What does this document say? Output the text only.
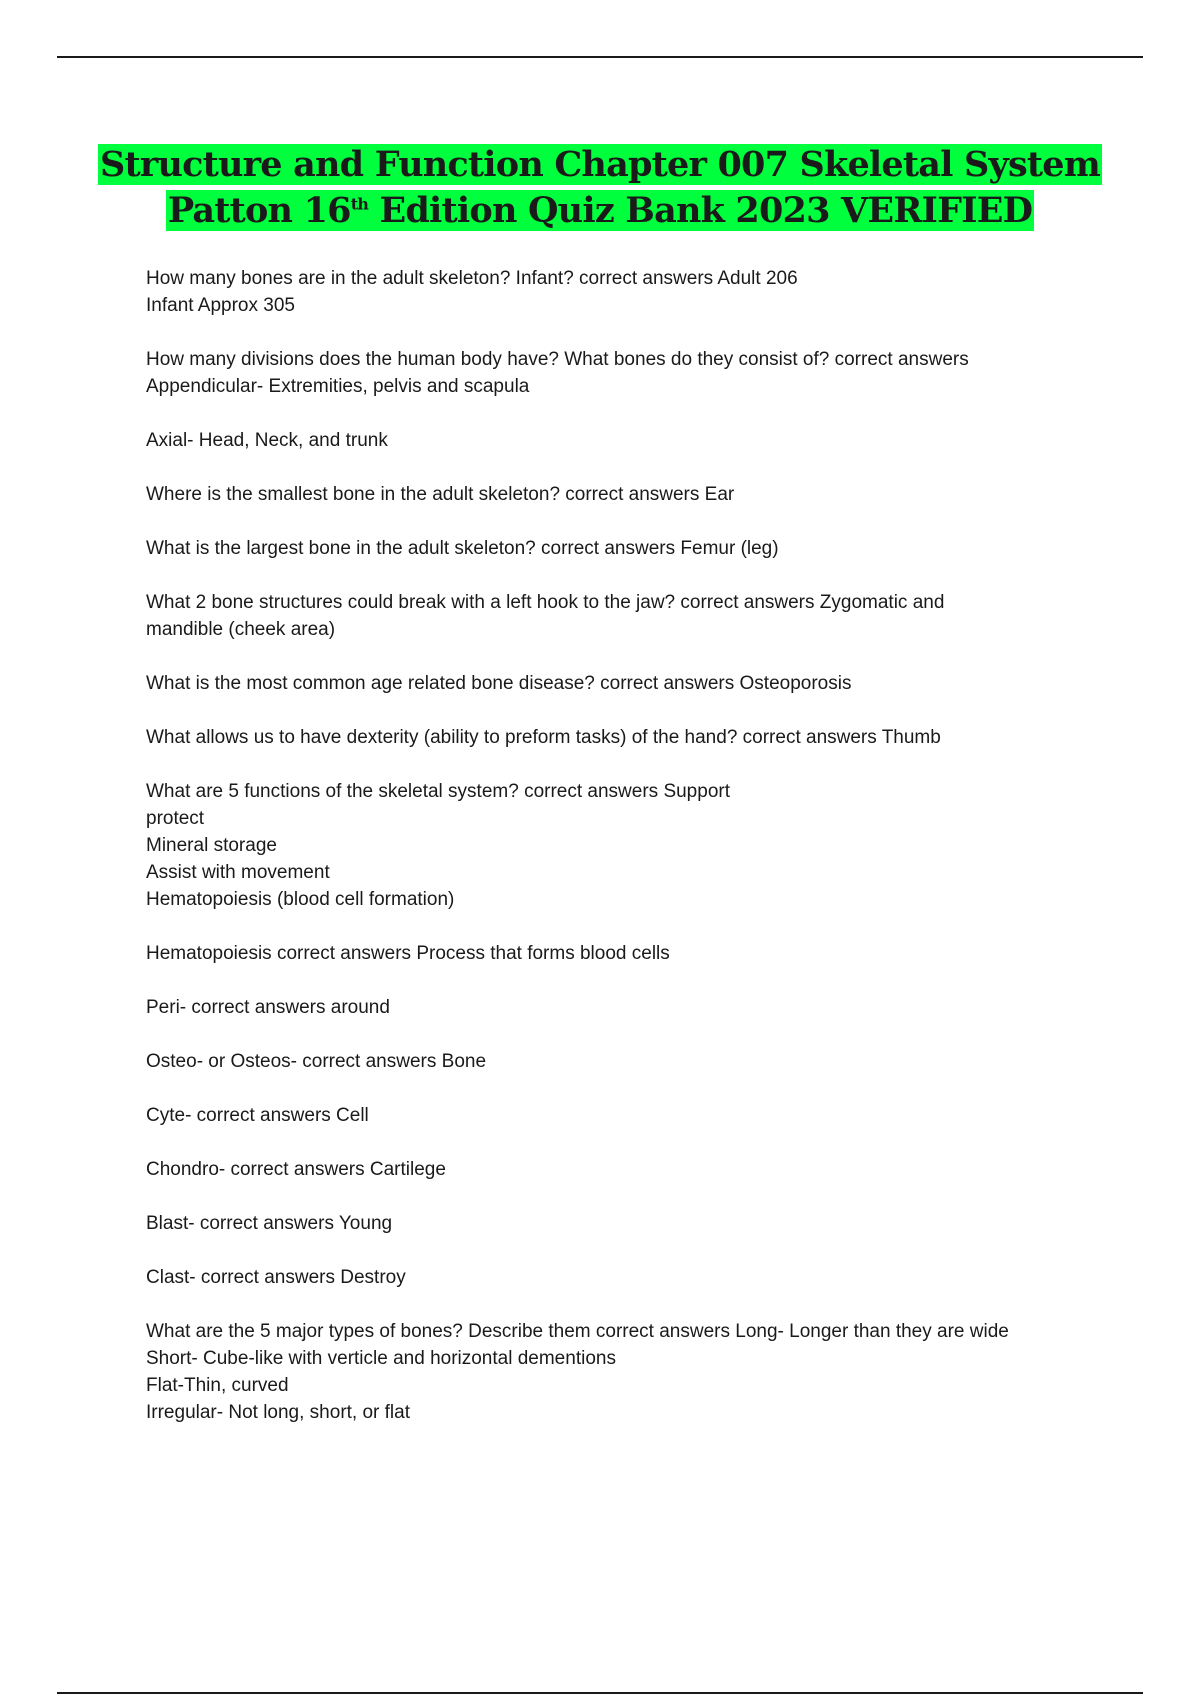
Structure and Function Chapter 007 Skeletal System
Patton 16th Edition Quiz Bank 2023 VERIFIED
How many bones are in the adult skeleton? Infant? correct answers Adult 206
Infant Approx 305
How many divisions does the human body have? What bones do they consist of? correct answers
Appendicular- Extremities, pelvis and scapula
Axial- Head, Neck, and trunk
Where is the smallest bone in the adult skeleton? correct answers Ear
What is the largest bone in the adult skeleton? correct answers Femur (leg)
What 2 bone structures could break with a left hook to the jaw? correct answers Zygomatic and
mandible (cheek area)
What is the most common age related bone disease? correct answers Osteoporosis
What allows us to have dexterity (ability to preform tasks) of the hand? correct answers Thumb
What are 5 functions of the skeletal system? correct answers Support
protect
Mineral storage
Assist with movement
Hematopoiesis (blood cell formation)
Hematopoiesis correct answers Process that forms blood cells
Peri- correct answers around
Osteo- or Osteos- correct answers Bone
Cyte- correct answers Cell
Chondro- correct answers Cartilege
Blast- correct answers Young
Clast- correct answers Destroy
What are the 5 major types of bones? Describe them correct answers Long- Longer than they are wide
Short- Cube-like with verticle and horizontal dementions
Flat-Thin, curved
Irregular- Not long, short, or flat
